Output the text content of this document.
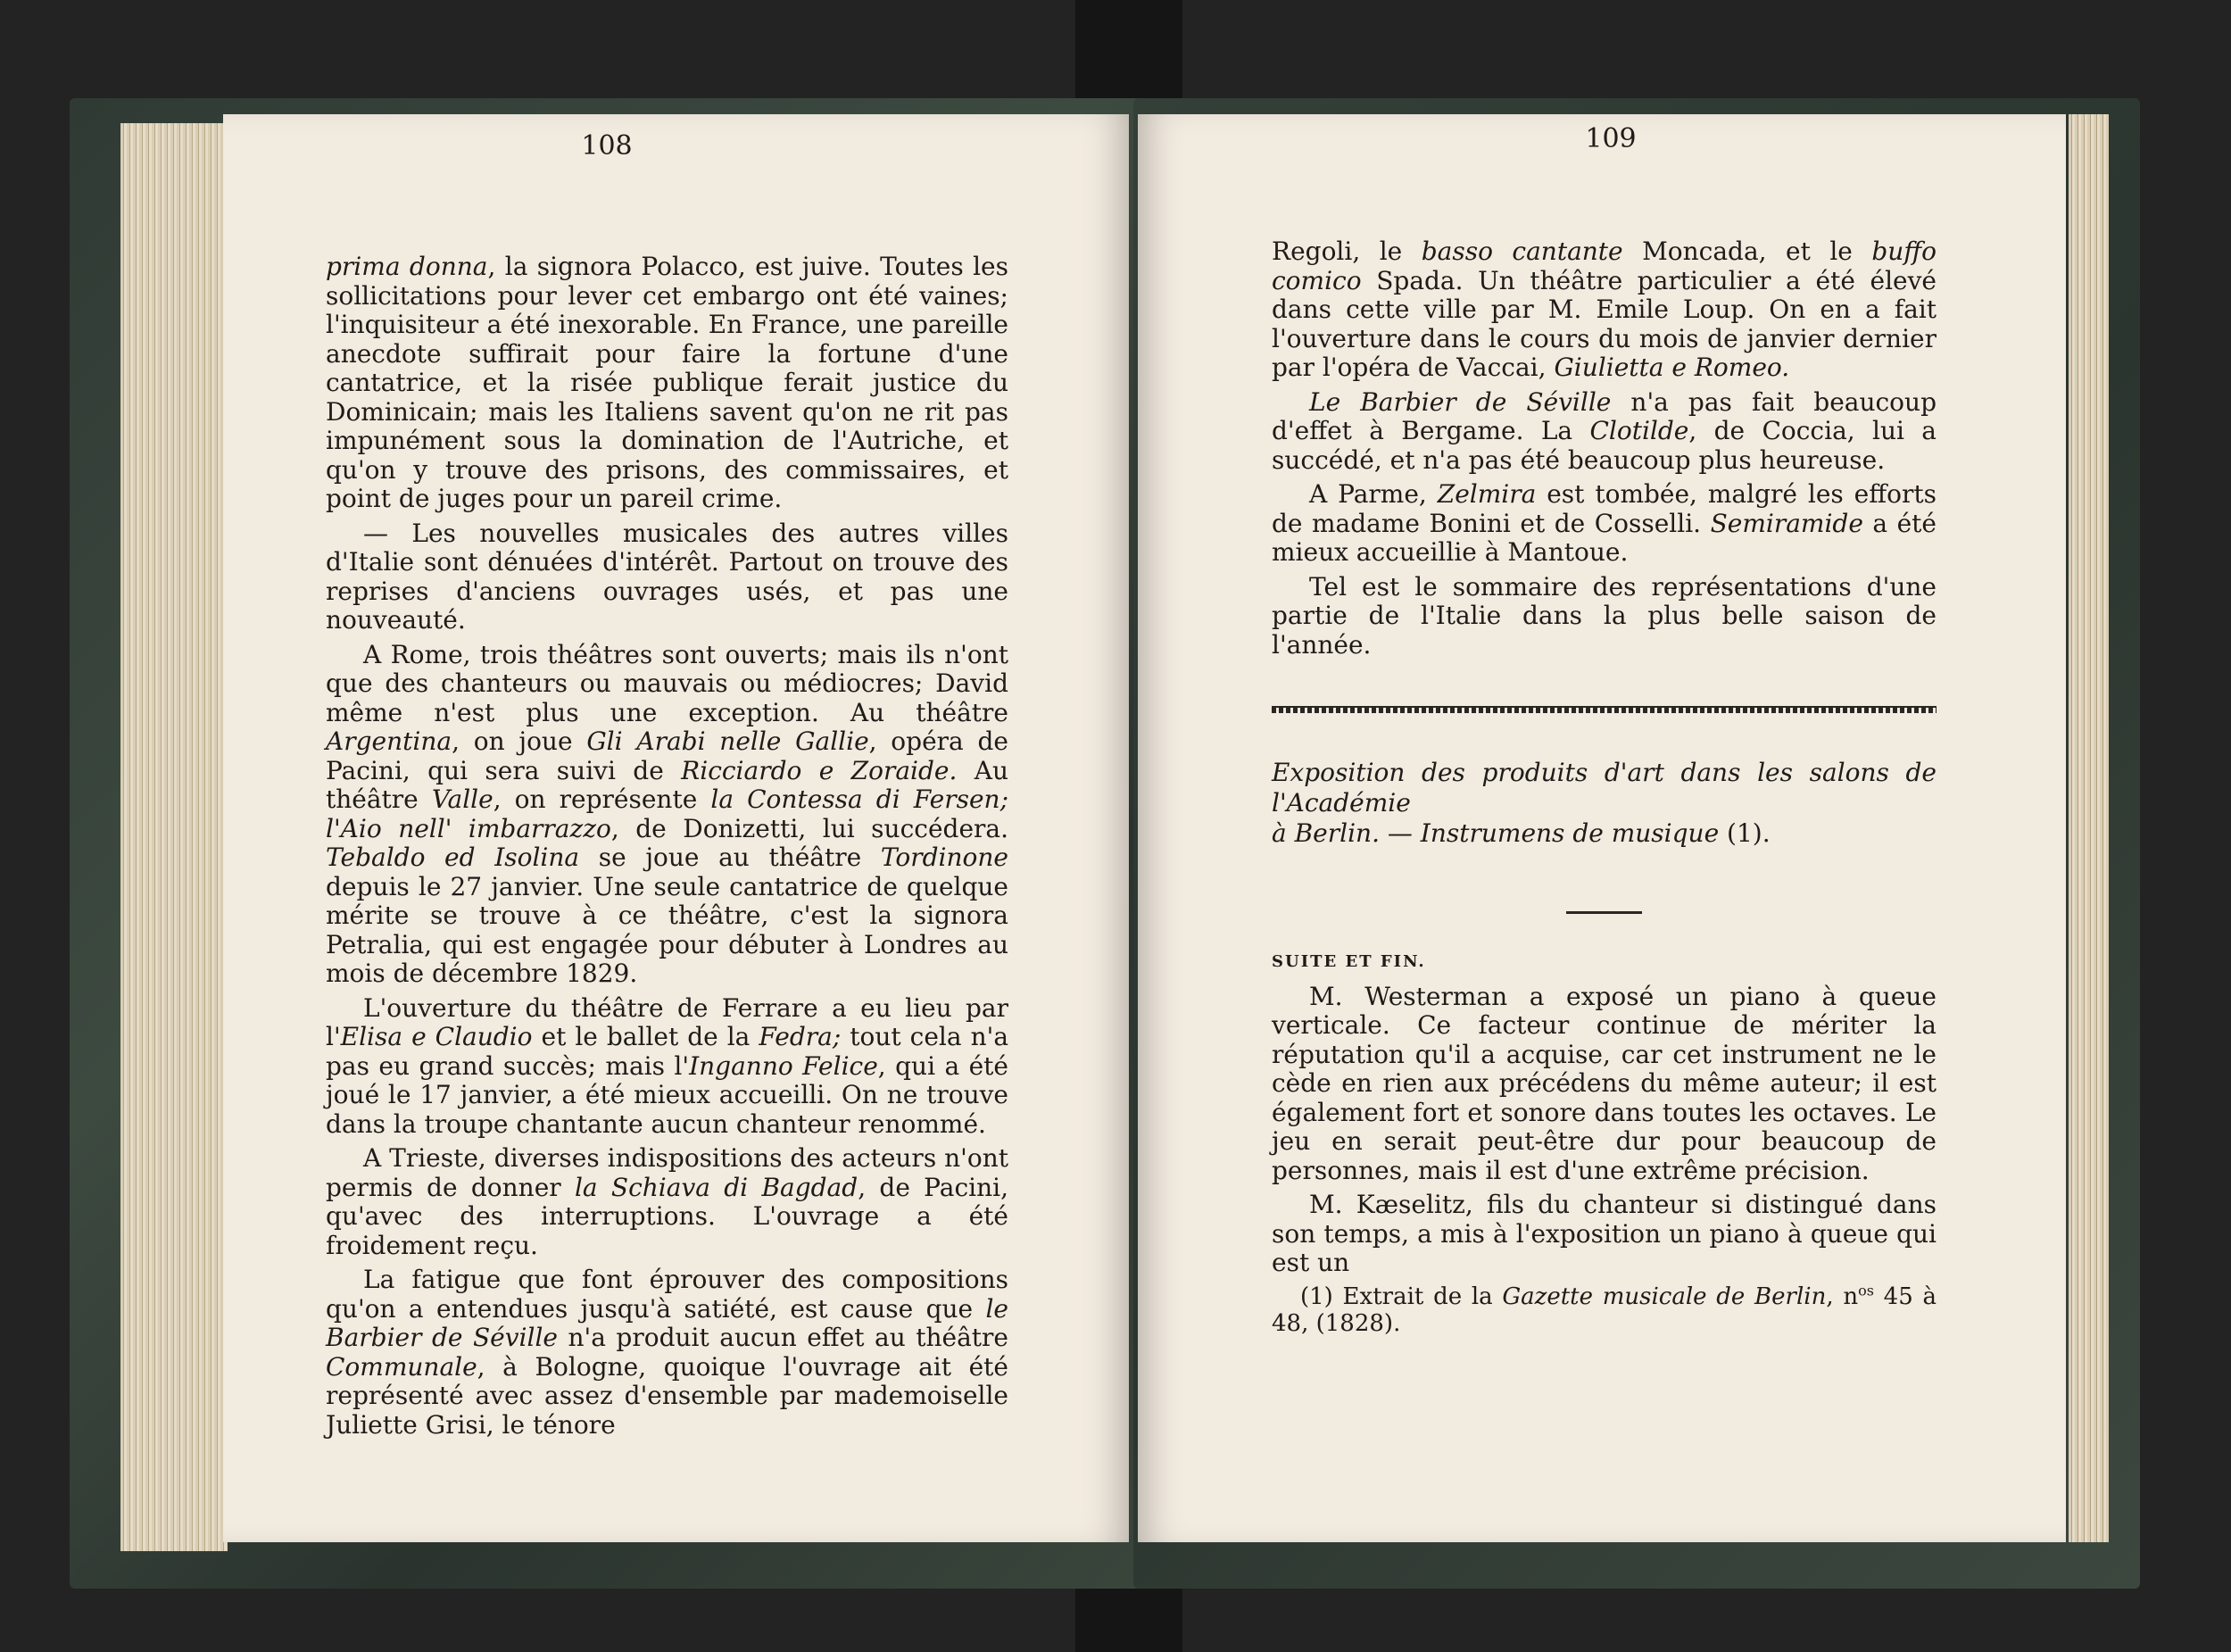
108

prima donna, la signora Polacco, est juive. Toutes les sollicitations pour lever cet embargo ont été vaines; l'inquisiteur a été inexorable. En France, une pareille anecdote suffirait pour faire la fortune d'une cantatrice, et la risée publique ferait justice du Dominicain; mais les Italiens savent qu'on ne rit pas impunément sous la domination de l'Autriche, et qu'on y trouve des prisons, des commissaires, et point de juges pour un pareil crime.

— Les nouvelles musicales des autres villes d'Italie sont dénuées d'intérêt. Partout on trouve des reprises d'anciens ouvrages usés, et pas une nouveauté.

A Rome, trois théâtres sont ouverts; mais ils n'ont que des chanteurs ou mauvais ou médiocres; David même n'est plus une exception. Au théâtre Argentina, on joue Gli Arabi nelle Gallie, opéra de Pacini, qui sera suivi de Ricciardo e Zoraide. Au théâtre Valle, on représente la Contessa di Fersen; l'Aio nell' imbarrazzo, de Donizetti, lui succédera. Tebaldo ed Isolina se joue au théâtre Tordinone depuis le 27 janvier. Une seule cantatrice de quelque mérite se trouve à ce théâtre, c'est la signora Petralia, qui est engagée pour débuter à Londres au mois de décembre 1829.

L'ouverture du théâtre de Ferrare a eu lieu par l'Elisa e Claudio et le ballet de la Fedra; tout cela n'a pas eu grand succès; mais l'Inganno Felice, qui a été joué le 17 janvier, a été mieux accueilli. On ne trouve dans la troupe chantante aucun chanteur renommé.

A Trieste, diverses indispositions des acteurs n'ont permis de donner la Schiava di Bagdad, de Pacini, qu'avec des interruptions. L'ouvrage a été froidement reçu.

La fatigue que font éprouver des compositions qu'on a entendues jusqu'à satiété, est cause que le Barbier de Séville n'a produit aucun effet au théâtre Communale, à Bologne, quoique l'ouvrage ait été représenté avec assez d'ensemble par mademoiselle Juliette Grisi, le ténore

109

Regoli, le basso cantante Moncada, et le buffo comico Spada. Un théâtre particulier a été élevé dans cette ville par M. Emile Loup. On en a fait l'ouverture dans le cours du mois de janvier dernier par l'opéra de Vaccai, Giulietta e Romeo.

Le Barbier de Séville n'a pas fait beaucoup d'effet à Bergame. La Clotilde, de Coccia, lui a succédé, et n'a pas été beaucoup plus heureuse.

A Parme, Zelmira est tombée, malgré les efforts de madame Bonini et de Cosselli. Semiramide a été mieux accueillie à Mantoue.

Tel est le sommaire des représentations d'une partie de l'Italie dans la plus belle saison de l'année.

Exposition des produits d'art dans les salons de l'Académie
à Berlin. — Instrumens de musique (1).

SUITE ET FIN.

M. Westerman a exposé un piano à queue verticale. Ce facteur continue de mériter la réputation qu'il a acquise, car cet instrument ne le cède en rien aux précédens du même auteur; il est également fort et sonore dans toutes les octaves. Le jeu en serait peut-être dur pour beaucoup de personnes, mais il est d'une extrême précision.

M. Kæselitz, fils du chanteur si distingué dans son temps, a mis à l'exposition un piano à queue qui est un

(1) Extrait de la Gazette musicale de Berlin, $n^{os}$ 45 à 48, (1828).
